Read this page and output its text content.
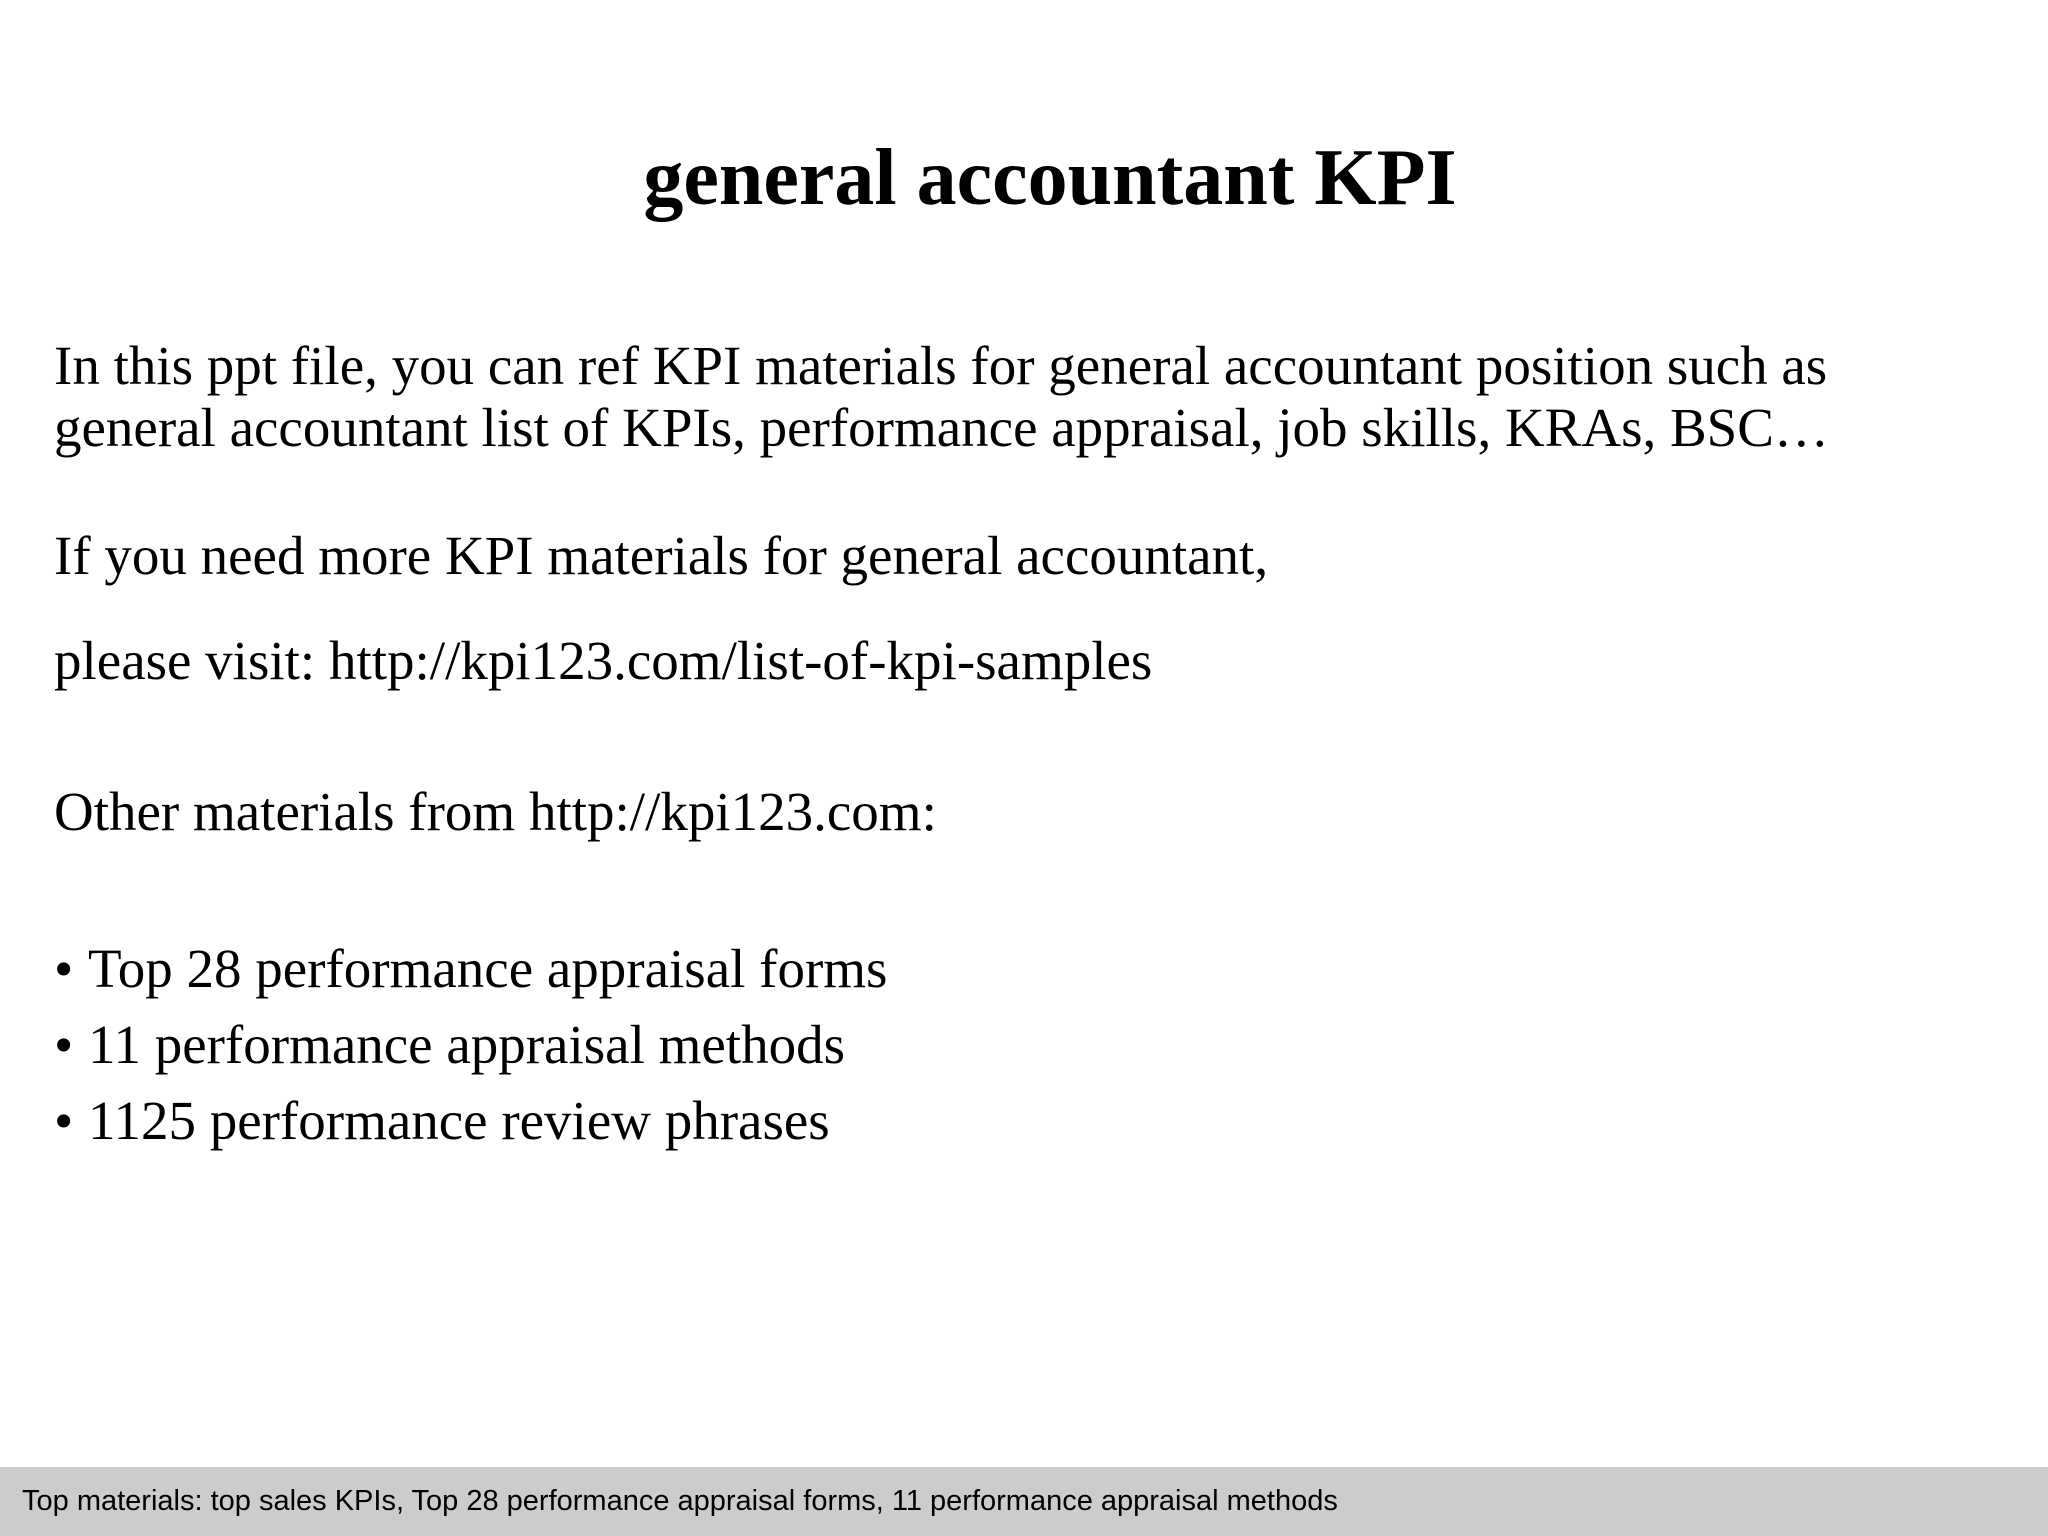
general accountant KPI
In this ppt file, you can ref KPI materials for general accountant position such as
general accountant list of KPIs, performance appraisal, job skills, KRAs, BSC…
If you need more KPI materials for general accountant,
please visit: http://kpi123.com/list-of-kpi-samples
Other materials from http://kpi123.com:
• Top 28 performance appraisal forms
• 11 performance appraisal methods
• 1125 performance review phrases
Top materials: top sales KPIs, Top 28 performance appraisal forms, 11 performance appraisal methods
